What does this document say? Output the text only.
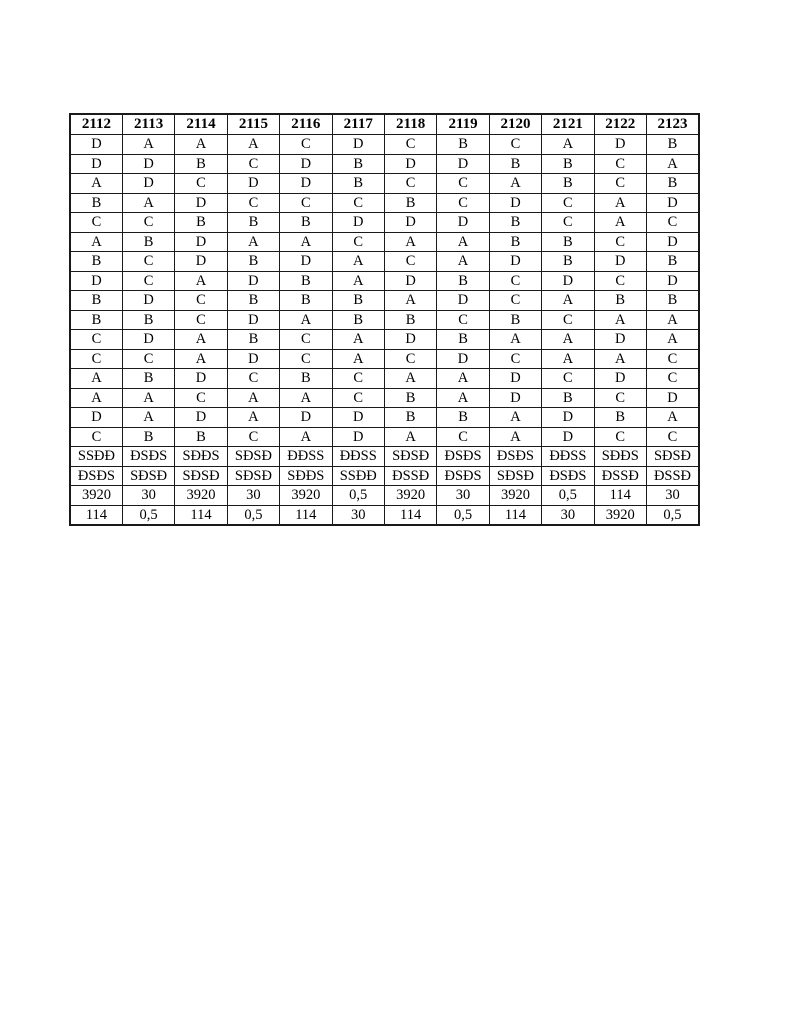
2112	2113	2114	2115	2116	2117	2118	2119	2120	2121	2122	2123
D	A	A	A	C	D	C	B	C	A	D	B
D	D	B	C	D	B	D	D	B	B	C	A
A	D	C	D	D	B	C	C	A	B	C	B
B	A	D	C	C	C	B	C	D	C	A	D
C	C	B	B	B	D	D	D	B	C	A	C
A	B	D	A	A	C	A	A	B	B	C	D
B	C	D	B	D	A	C	A	D	B	D	B
D	C	A	D	B	A	D	B	C	D	C	D
B	D	C	B	B	B	A	D	C	A	B	B
B	B	C	D	A	B	B	C	B	C	A	A
C	D	A	B	C	A	D	B	A	A	D	A
C	C	A	D	C	A	C	D	C	A	A	C
A	B	D	C	B	C	A	A	D	C	D	C
A	A	C	A	A	C	B	A	D	B	C	D
D	A	D	A	D	D	B	B	A	D	B	A
C	B	B	C	A	D	A	C	A	D	C	C
SSĐĐ	ĐSĐS	SĐĐS	SĐSĐ	ĐĐSS	ĐĐSS	SĐSĐ	ĐSĐS	ĐSĐS	ĐĐSS	SĐĐS	SĐSĐ
ĐSĐS	SĐSĐ	SĐSĐ	SĐSĐ	SĐĐS	SSĐĐ	ĐSSĐ	ĐSĐS	SĐSĐ	ĐSĐS	ĐSSĐ	ĐSSĐ
3920	30	3920	30	3920	0,5	3920	30	3920	0,5	114	30
114	0,5	114	0,5	114	30	114	0,5	114	30	3920	0,5
